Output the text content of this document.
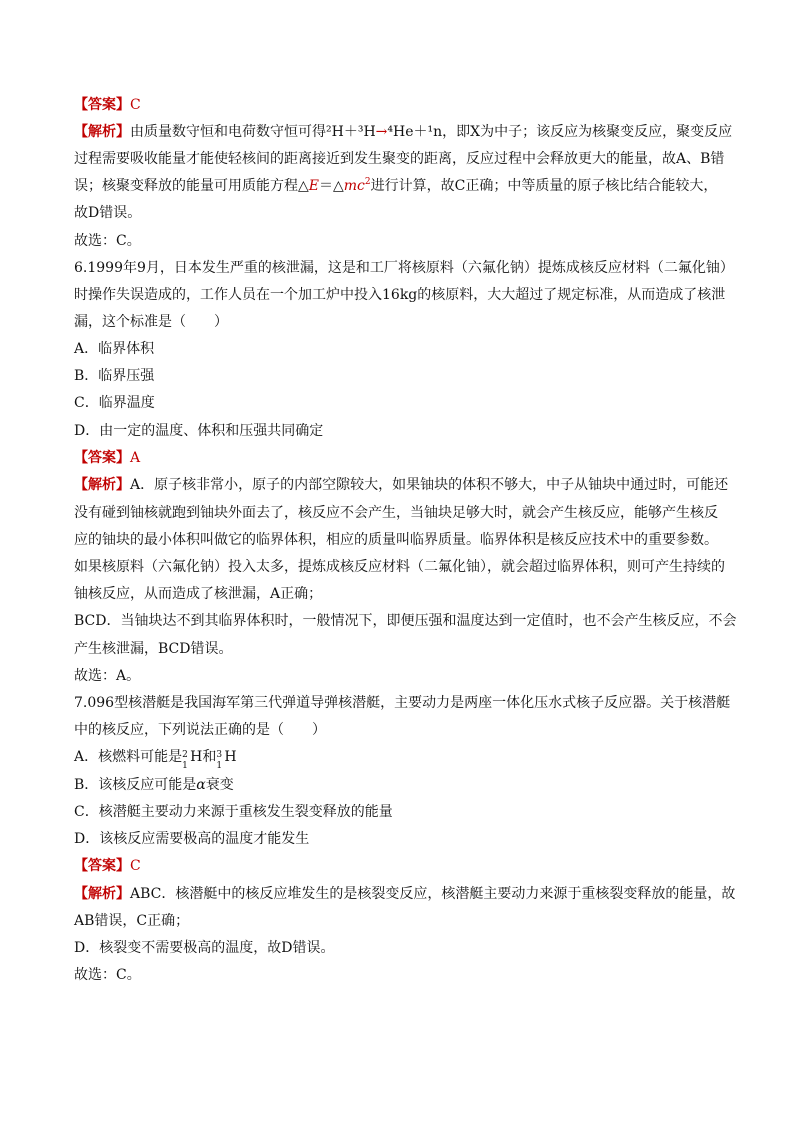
【答案】C
【解析】由质量数守恒和电荷数守恒可得²H＋³H→⁴He＋¹n，即X为中子；该反应为核聚变反应，聚变反应
过程需要吸收能量才能使轻核间的距离接近到发生聚变的距离，反应过程中会释放更大的能量，故A、B错
误；核聚变释放的能量可用质能方程$\triangle E=\triangle mc^2$进行计算，故C正确；中等质量的原子核比结合能较大，
故D错误。
故选：C。
6.1999年9月，日本发生严重的核泄漏，这是和工厂将核原料（六氟化钠）提炼成核反应材料（二氟化铀）
时操作失误造成的，工作人员在一个加工炉中投入16kg的核原料，大大超过了规定标准，从而造成了核泄
漏，这个标准是（　　）
A．临界体积
B．临界压强
C．临界温度
D．由一定的温度、体积和压强共同确定
【答案】A
【解析】A．原子核非常小，原子的内部空隙较大，如果铀块的体积不够大，中子从铀块中通过时，可能还
没有碰到铀核就跑到铀块外面去了，核反应不会产生，当铀块足够大时，就会产生核反应，能够产生核反
应的铀块的最小体积叫做它的临界体积，相应的质量叫临界质量。临界体积是核反应技术中的重要参数。
如果核原料（六氟化钠）投入太多，提炼成核反应材料（二氟化铀），就会超过临界体积，则可产生持续的
铀核反应，从而造成了核泄漏，A正确；
BCD．当铀块达不到其临界体积时，一般情况下，即便压强和温度达到一定值时，也不会产生核反应，不会
产生核泄漏，BCD错误。
故选：A。
7.096型核潜艇是我国海军第三代弹道导弹核潜艇，主要动力是两座一体化压水式核子反应器。关于核潜艇
中的核反应，下列说法正确的是（　　）
A．核燃料可能是 2
1
H和 3
1
H
B．该核反应可能是α衰变
C．核潜艇主要动力来源于重核发生裂变释放的能量
D．该核反应需要极高的温度才能发生
【答案】C
【解析】ABC．核潜艇中的核反应堆发生的是核裂变反应，核潜艇主要动力来源于重核裂变释放的能量，故
AB错误，C正确；
D．核裂变不需要极高的温度，故D错误。
故选：C。
